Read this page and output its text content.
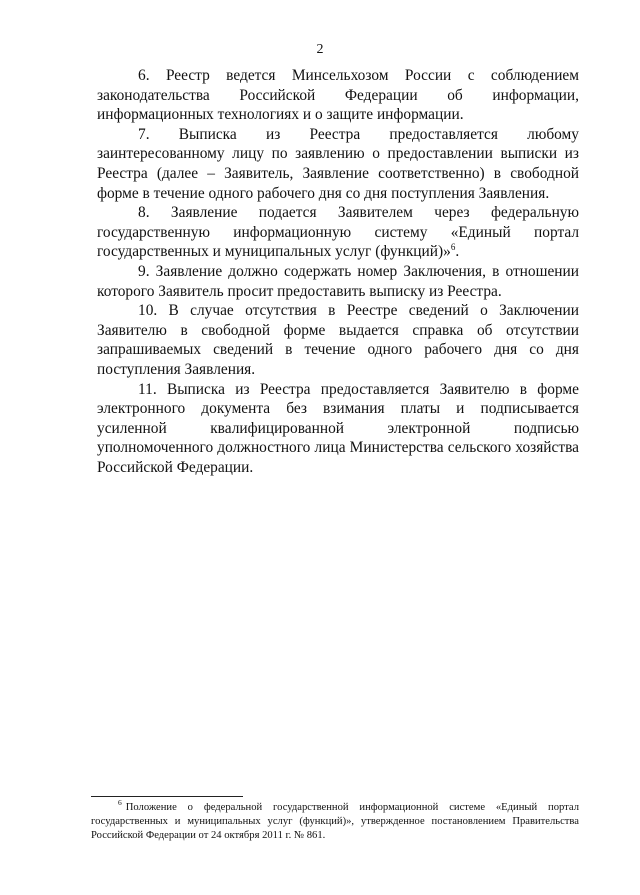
2

6. Реестр ведется Минсельхозом России с соблюдением законодательства Российской Федерации об информации, информационных технологиях и о защите информации.

7. Выписка из Реестра предоставляется любому заинтересованному лицу по заявлению о предоставлении выписки из Реестра (далее – Заявитель, Заявление соответственно) в свободной форме в течение одного рабочего дня со дня поступления Заявления.

8. Заявление подается Заявителем через федеральную государственную информационную систему «Единый портал государственных и муниципальных услуг (функций)»$^6$.

9. Заявление должно содержать номер Заключения, в отношении которого Заявитель просит предоставить выписку из Реестра.

10. В случае отсутствия в Реестре сведений о Заключении Заявителю в свободной форме выдается справка об отсутствии запрашиваемых сведений в течение одного рабочего дня со дня поступления Заявления.

11. Выписка из Реестра предоставляется Заявителю в форме электронного документа без взимания платы и подписывается усиленной квалифицированной электронной подписью уполномоченного должностного лица Министерства сельского хозяйства Российской Федерации.

$^6$ Положение о федеральной государственной информационной системе «Единый портал государственных и муниципальных услуг (функций)», утвержденное постановлением Правительства Российской Федерации от 24 октября 2011 г. № 861.
